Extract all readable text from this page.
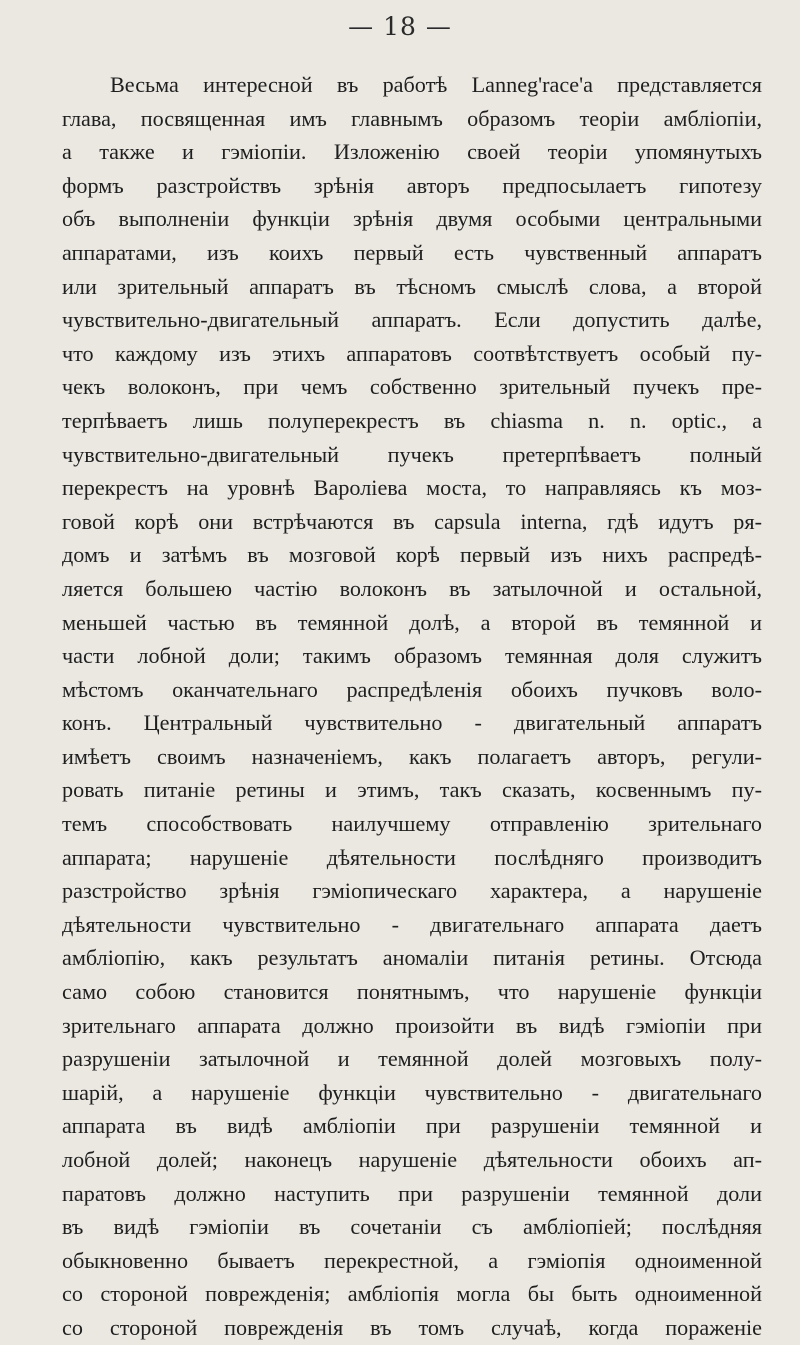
— 18 —
Весьма интересной въ работѣ Lanneg'race'а представляется
глава, посвященная имъ главнымъ образомъ теоріи амбліопіи,
а также и гэміопіи. Изложенію своей теоріи упомянутыхъ
формъ разстройствъ зрѣнія авторъ предпосылаетъ гипотезу
объ выполненіи функціи зрѣнія двумя особыми центральными
аппаратами, изъ коихъ первый есть чувственный аппаратъ
или зрительный аппаратъ въ тѣсномъ смыслѣ слова, а второй
чувствительно-двигательный аппаратъ. Если допустить далѣе,
что каждому изъ этихъ аппаратовъ соотвѣтствуетъ особый пу-
чекъ волоконъ, при чемъ собственно зрительный пучекъ пре-
терпѣваетъ лишь полуперекрестъ въ chiasma n. n. optic., а
чувствительно-двигательный пучекъ претерпѣваетъ полный
перекрестъ на уровнѣ Вароліева моста, то направляясь къ моз-
говой корѣ они встрѣчаются въ capsula interna, гдѣ идутъ ря-
домъ и затѣмъ въ мозговой корѣ первый изъ нихъ распредѣ-
ляется большею частію волоконъ въ затылочной и остальной,
меньшей частью въ темянной долѣ, а второй въ темянной и
части лобной доли; такимъ образомъ темянная доля служитъ
мѣстомъ оканчательнаго распредѣленія обоихъ пучковъ воло-
конъ. Центральный чувствительно - двигательный аппаратъ
имѣетъ своимъ назначеніемъ, какъ полагаетъ авторъ, регули-
ровать питаніе ретины и этимъ, такъ сказать, косвеннымъ пу-
темъ способствовать наилучшему отправленію зрительнаго
аппарата; нарушеніе дѣятельности послѣдняго производитъ
разстройство зрѣнія гэміопическаго характера, а нарушеніе
дѣятельности чувствительно - двигательнаго аппарата даетъ
амбліопію, какъ результатъ аномаліи питанія ретины. Отсюда
само собою становится понятнымъ, что нарушеніе функціи
зрительнаго аппарата должно произойти въ видѣ гэміопіи при
разрушеніи затылочной и темянной долей мозговыхъ полу-
шарій, а нарушеніе функціи чувствительно - двигательнаго
аппарата въ видѣ амбліопіи при разрушеніи темянной и
лобной долей; наконецъ нарушеніе дѣятельности обоихъ ап-
паратовъ должно наступить при разрушеніи темянной доли
въ видѣ гэміопіи въ сочетаніи съ амбліопіей; послѣдняя
обыкновенно бываетъ перекрестной, а гэміопія одноименной
со стороной поврежденія; амбліопія могла бы быть одноименной
со стороной поврежденія въ томъ случаѣ, когда пораженіе
